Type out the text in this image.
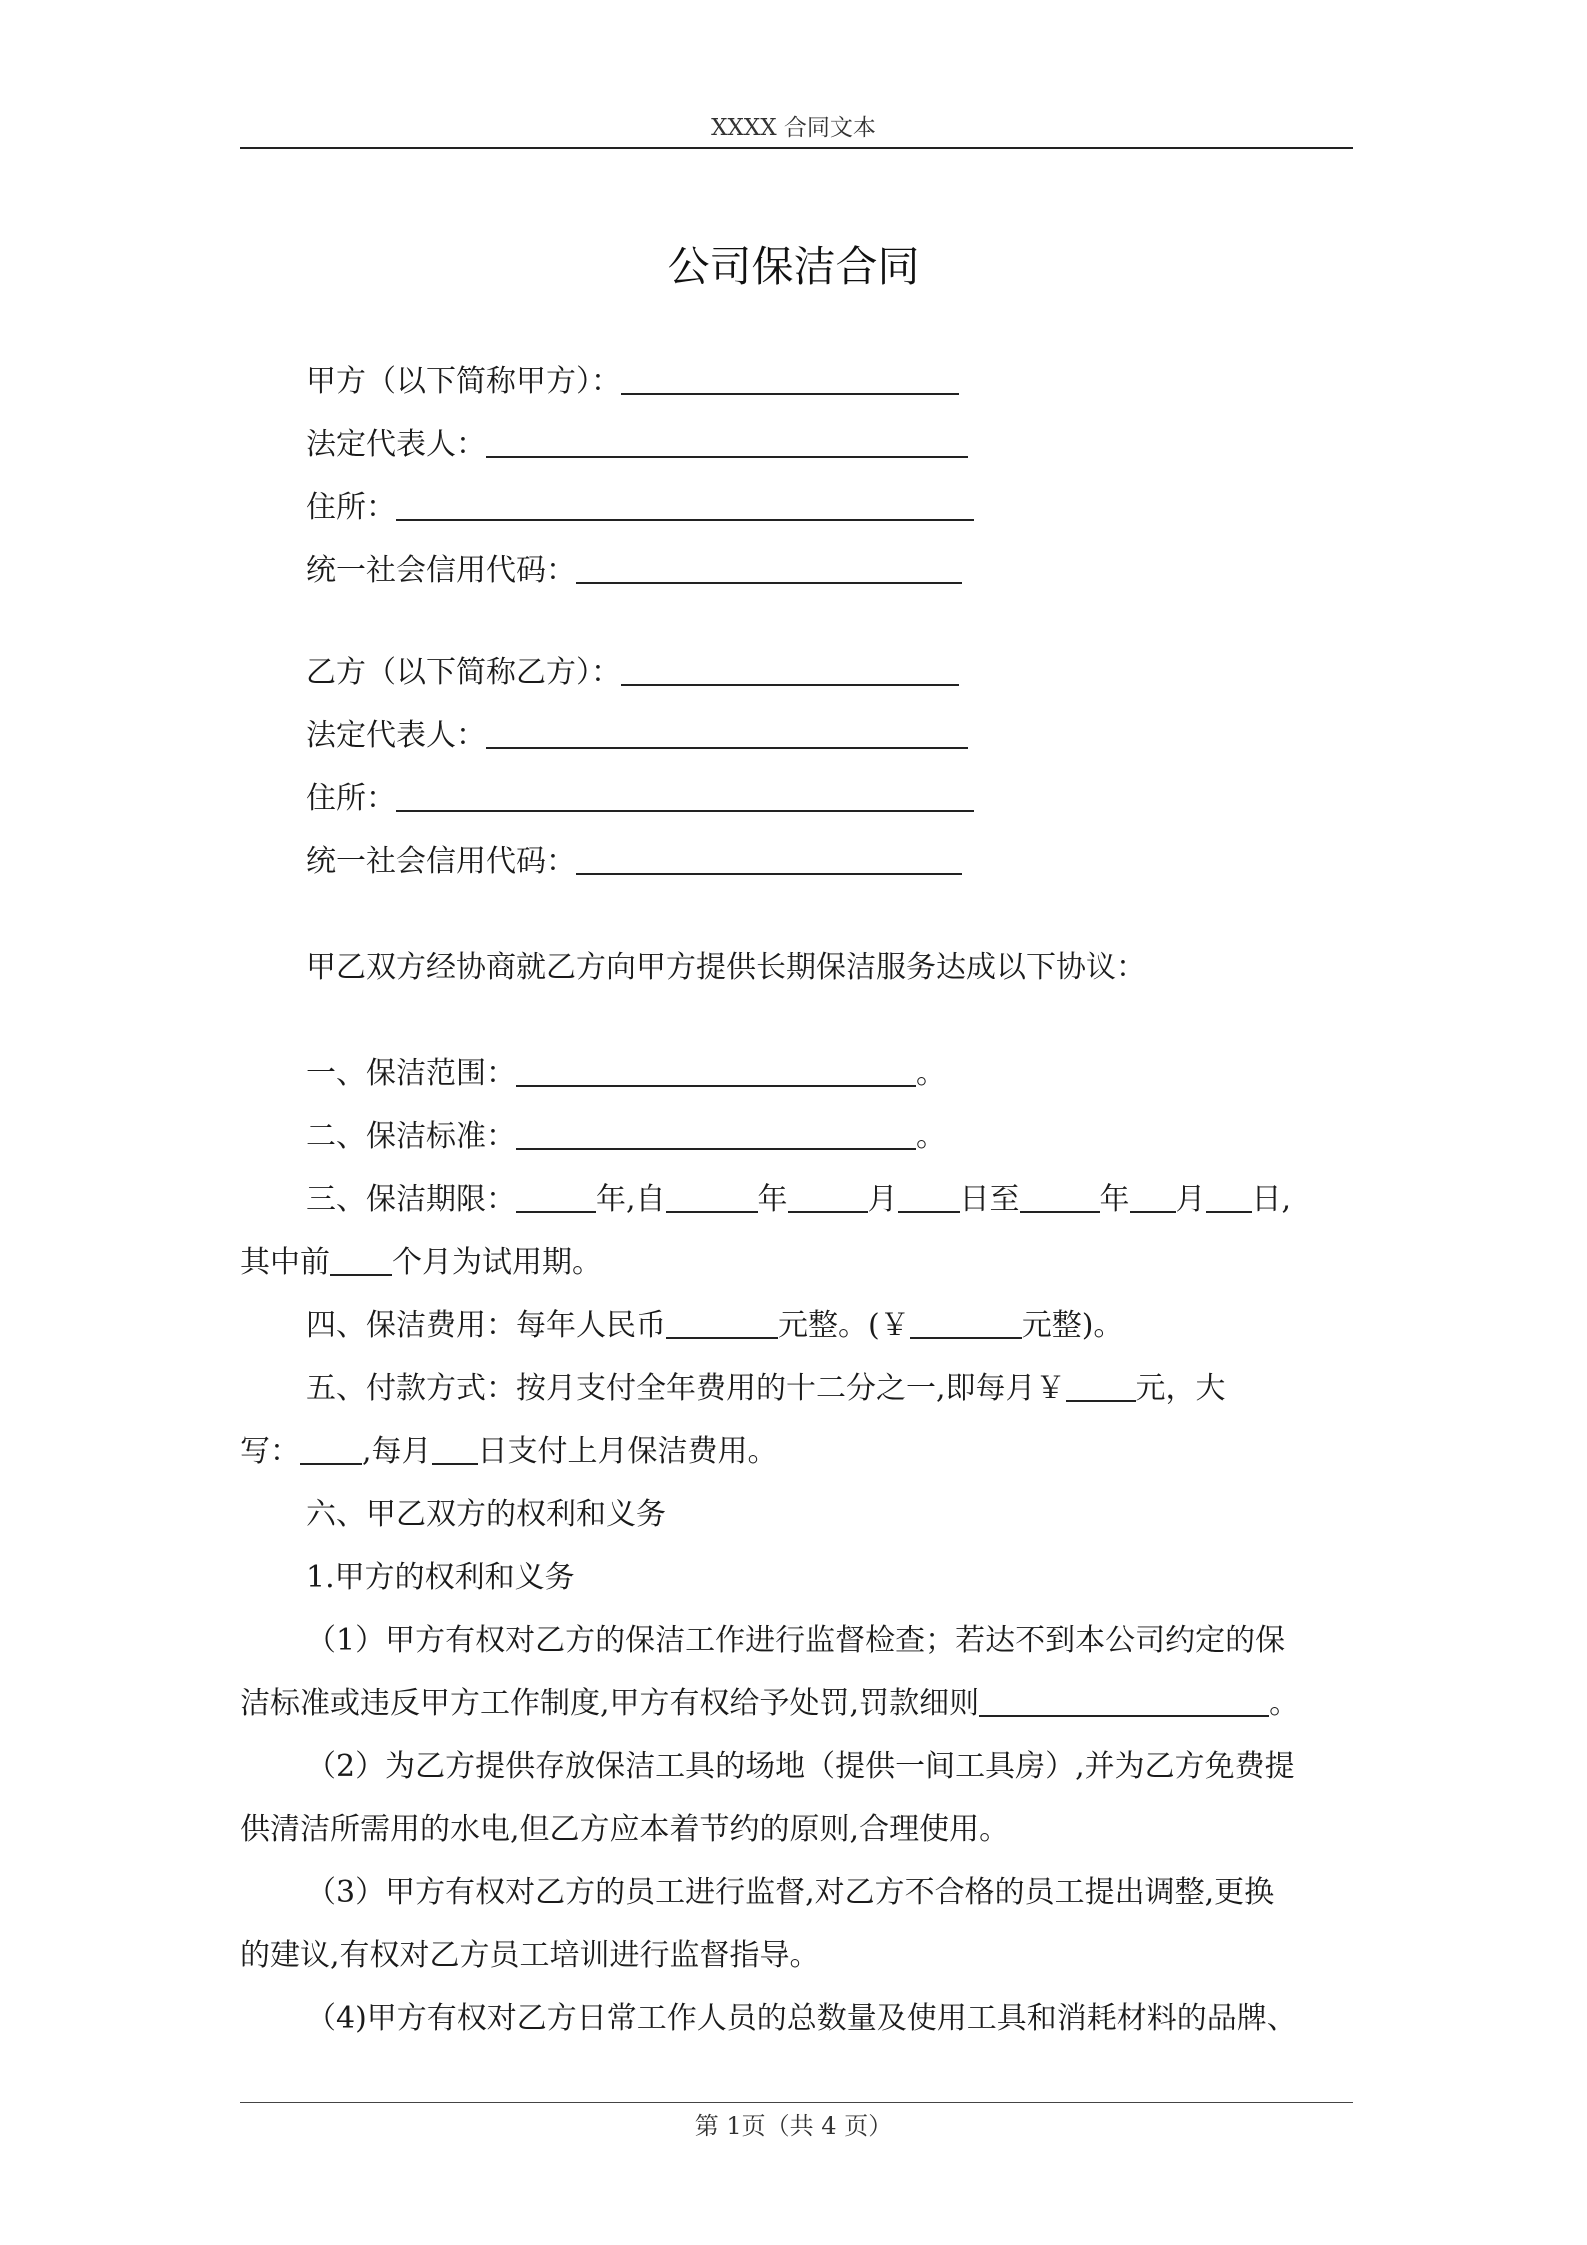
XXXX 合同文本
公司保洁合同
甲方（以下简称甲方）：
法定代表人：
住所：
统一社会信用代码：
乙方（以下简称乙方）：
法定代表人：
住所：
统一社会信用代码：
甲乙双方经协商就乙方向甲方提供长期保洁服务达成以下协议：
一、保洁范围：	。
二、保洁标准：	。
三、保洁期限：	年,自	年	月 日至	年 月 日,
其中前 个月为试用期。
四、保洁费用：每年人民币	元整。(￥	元整)。
五、付款方式：按月支付全年费用的十二分之一,即每月￥ 元，大
写： ,每月 日支付上月保洁费用。
六、甲乙双方的权利和义务
1.甲方的权利和义务
（1）甲方有权对乙方的保洁工作进行监督检查；若达不到本公司约定的保
洁标准或违反甲方工作制度,甲方有权给予处罚,罚款细则	。
（2）为乙方提供存放保洁工具的场地（提供一间工具房）,并为乙方免费提
供清洁所需用的水电,但乙方应本着节约的原则,合理使用。
（3）甲方有权对乙方的员工进行监督,对乙方不合格的员工提出调整,更换
的建议,有权对乙方员工培训进行监督指导。
（4)甲方有权对乙方日常工作人员的总数量及使用工具和消耗材料的品牌、
第 1页（共 4 页）
